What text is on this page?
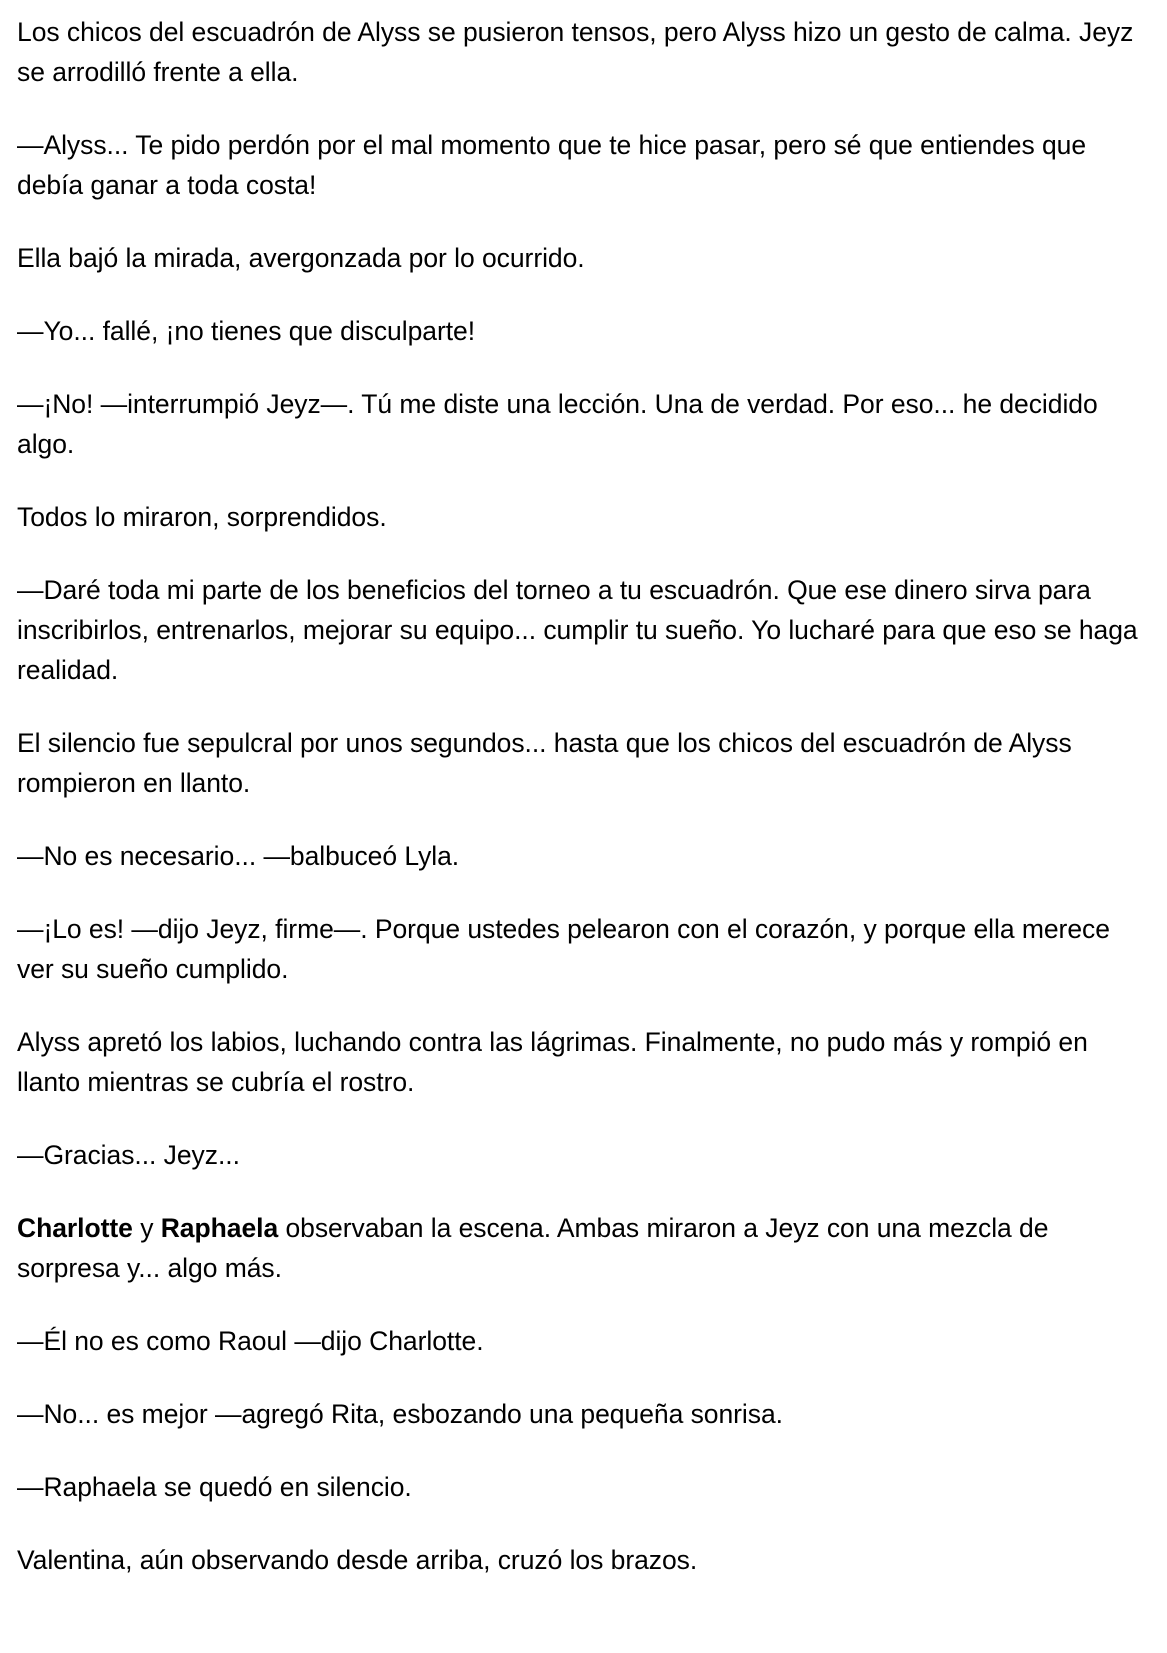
Los chicos del escuadrón de Alyss se pusieron tensos, pero Alyss hizo un gesto de calma. Jeyz se arrodilló frente a ella.

—Alyss... Te pido perdón por el mal momento que te hice pasar, pero sé que entiendes que debía ganar a toda costa!

Ella bajó la mirada, avergonzada por lo ocurrido.

—Yo... fallé, ¡no tienes que disculparte!

—¡No! —interrumpió Jeyz—. Tú me diste una lección. Una de verdad. Por eso... he decidido algo.

Todos lo miraron, sorprendidos.

—Daré toda mi parte de los beneficios del torneo a tu escuadrón. Que ese dinero sirva para inscribirlos, entrenarlos, mejorar su equipo... cumplir tu sueño. Yo lucharé para que eso se haga realidad.

El silencio fue sepulcral por unos segundos... hasta que los chicos del escuadrón de Alyss rompieron en llanto.

—No es necesario... —balbuceó Lyla.

—¡Lo es! —dijo Jeyz, firme—. Porque ustedes pelearon con el corazón, y porque ella merece ver su sueño cumplido.

Alyss apretó los labios, luchando contra las lágrimas. Finalmente, no pudo más y rompió en llanto mientras se cubría el rostro.

—Gracias... Jeyz...

Charlotte y Raphaela observaban la escena. Ambas miraron a Jeyz con una mezcla de sorpresa y... algo más.

—Él no es como Raoul —dijo Charlotte.

—No... es mejor —agregó Rita, esbozando una pequeña sonrisa.

—Raphaela se quedó en silencio.

Valentina, aún observando desde arriba, cruzó los brazos.
